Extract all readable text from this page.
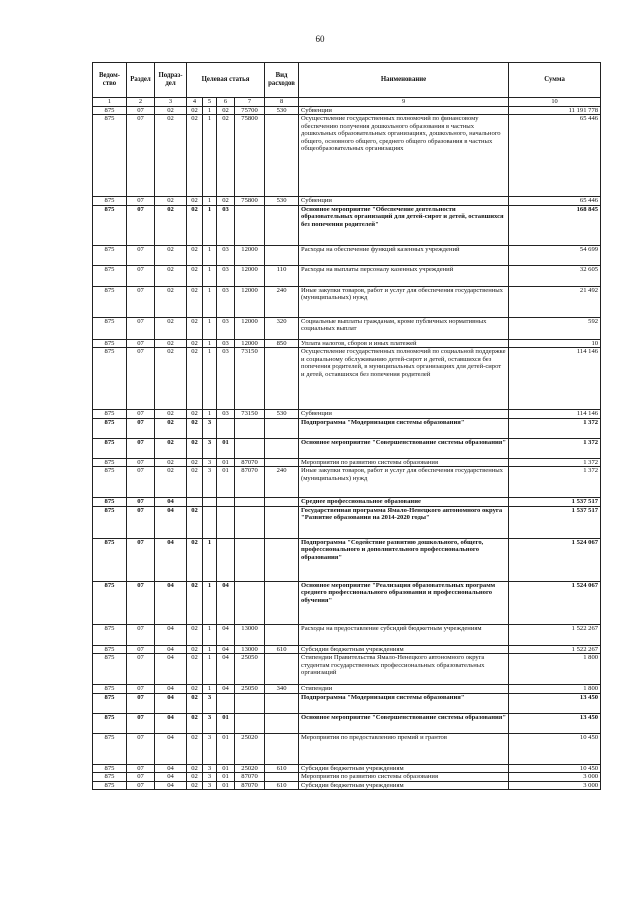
60
Ведом-
ство	Раздел	Подраз-
дел	Целевая статья				Вид
расходов	Наименование	Сумма
1	2	3	4	5	6	7	8	9	10
875	07	02	02	1	02	75700	530	Субвенции	11 191 778
875	07	02	02	1	02	75800		Осуществление государственных полномочий по финансовому обеспечению получения дошкольного образования в частных дошкольных образовательных организациях, дошкольного, начального общего, основного общего, среднего общего образования в частных общеобразовательных организациях	65 446
875	07	02	02	1	02	75800	530	Субвенции	65 446
875	07	02	02	1	03			Основное мероприятие "Обеспечение деятельности образовательных организаций для детей-сирот и детей, оставшихся без попечения родителей"	168 845
875	07	02	02	1	03	12000		Расходы на обеспечение функций казенных учреждений	54 699
875	07	02	02	1	03	12000	110	Расходы на выплаты персоналу казенных учреждений	32 605
875	07	02	02	1	03	12000	240	Иные закупки товаров, работ и услуг для обеспечения государственных (муниципальных) нужд	21 492
875	07	02	02	1	03	12000	320	Социальные выплаты гражданам, кроме публичных нормативных социальных выплат	592
875	07	02	02	1	03	12000	850	Уплата налогов, сборов и иных платежей	10
875	07	02	02	1	03	73150		Осуществление государственных полномочий по социальной поддержке и социальному обслуживанию детей-сирот и детей, оставшихся без попечения родителей, в муниципальных организациях для детей-сирот и детей, оставшихся без попечения родителей	114 146
875	07	02	02	1	03	73150	530	Субвенции	114 146
875	07	02	02	3				Подпрограмма "Модернизация системы образования"	1 372
875	07	02	02	3	01			Основное мероприятие "Совершенствование системы образования"	1 372
875	07	02	02	3	01	87070		Мероприятия по развитию системы образования	1 372
875	07	02	02	3	01	87070	240	Иные закупки товаров, работ и услуг для обеспечения государственных (муниципальных) нужд	1 372
875	07	04						Среднее профессиональное образование	1 537 517
875	07	04	02					Государственная программа Ямало-Ненецкого автономного округа "Развитие образования на 2014-2020 годы"	1 537 517
875	07	04	02	1				Подпрограмма "Содействие развитию дошкольного, общего, профессионального и дополнительного профессионального образования"	1 524 067
875	07	04	02	1	04			Основное мероприятие "Реализация образовательных программ среднего профессионального образования и профессионального обучения"	1 524 067
875	07	04	02	1	04	13000		Расходы на предоставление субсидий бюджетным учреждениям	1 522 267
875	07	04	02	1	04	13000	610	Субсидии бюджетным учреждениям	1 522 267
875	07	04	02	1	04	25050		Стипендии Правительства Ямало-Ненецкого автономного округа студентам государственных профессиональных образовательных организаций	1 800
875	07	04	02	1	04	25050	340	Стипендии	1 800
875	07	04	02	3				Подпрограмма "Модернизация системы образования"	13 450
875	07	04	02	3	01			Основное мероприятие "Совершенствование системы образования"	13 450
875	07	04	02	3	01	25020		Мероприятия по предоставлению премий и грантов	10 450
875	07	04	02	3	01	25020	610	Субсидии бюджетным учреждениям	10 450
875	07	04	02	3	01	87070		Мероприятия по развитию системы образования	3 000
875	07	04	02	3	01	87070	610	Субсидии бюджетным учреждениям	3 000
